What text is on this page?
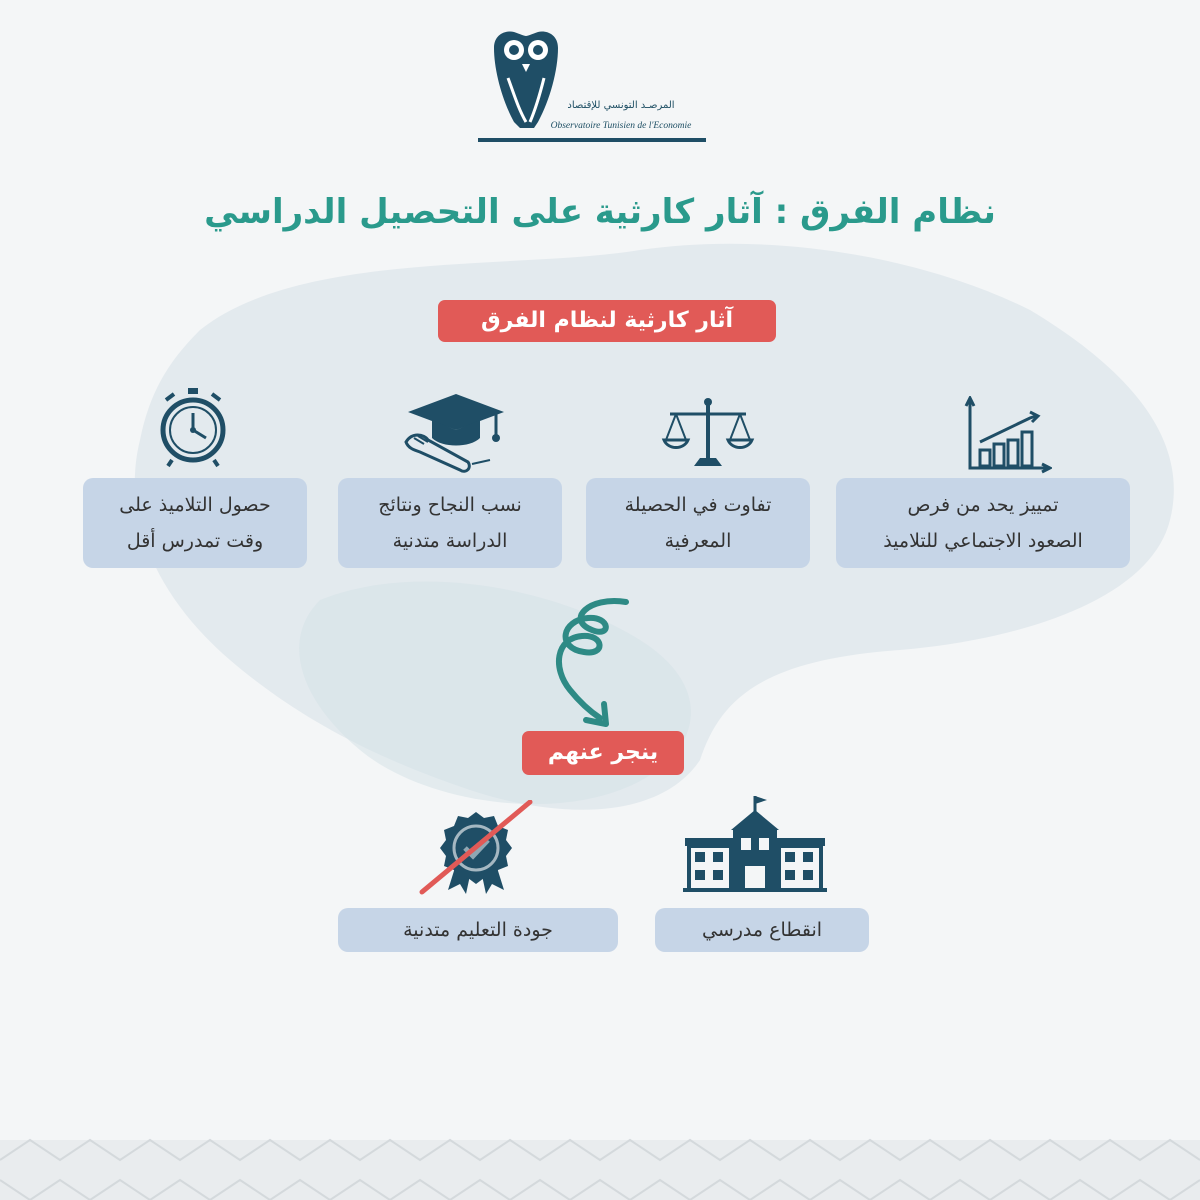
المرصـد التونسي للإقتصاد
Observatoire Tunisien de l'Economie
نظام الفرق : آثار كارثية على التحصيل الدراسي
آثار كارثية لنظام الفرق
تمييز يحد من فرص
الصعود الاجتماعي للتلاميذ
تفاوت في الحصيلة
المعرفية
نسب النجاح ونتائج
الدراسة متدنية
حصول التلاميذ على
وقت تمدرس أقل
ينجر عنهم
انقطاع مدرسي
جودة التعليم متدنية
